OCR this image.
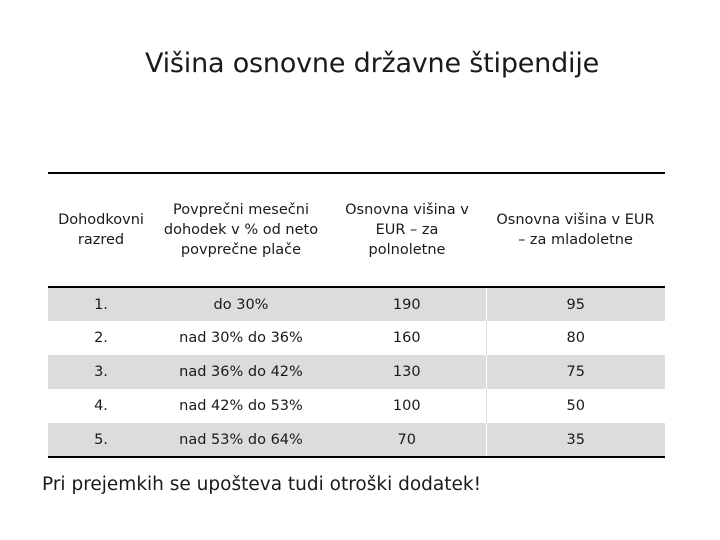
Višina osnovne državne štipendije
Dohodkovni razred	Povprečni mesečni dohodek v % od neto povprečne plače	Osnovna višina v EUR – za polnoletne	Osnovna višina v EUR – za mladoletne
1.	do 30%	190	95
2.	nad 30% do 36%	160	80
3.	nad 36% do 42%	130	75
4.	nad 42% do 53%	100	50
5.	nad 53% do 64%	70	35
Pri prejemkih se upošteva tudi otroški dodatek!
